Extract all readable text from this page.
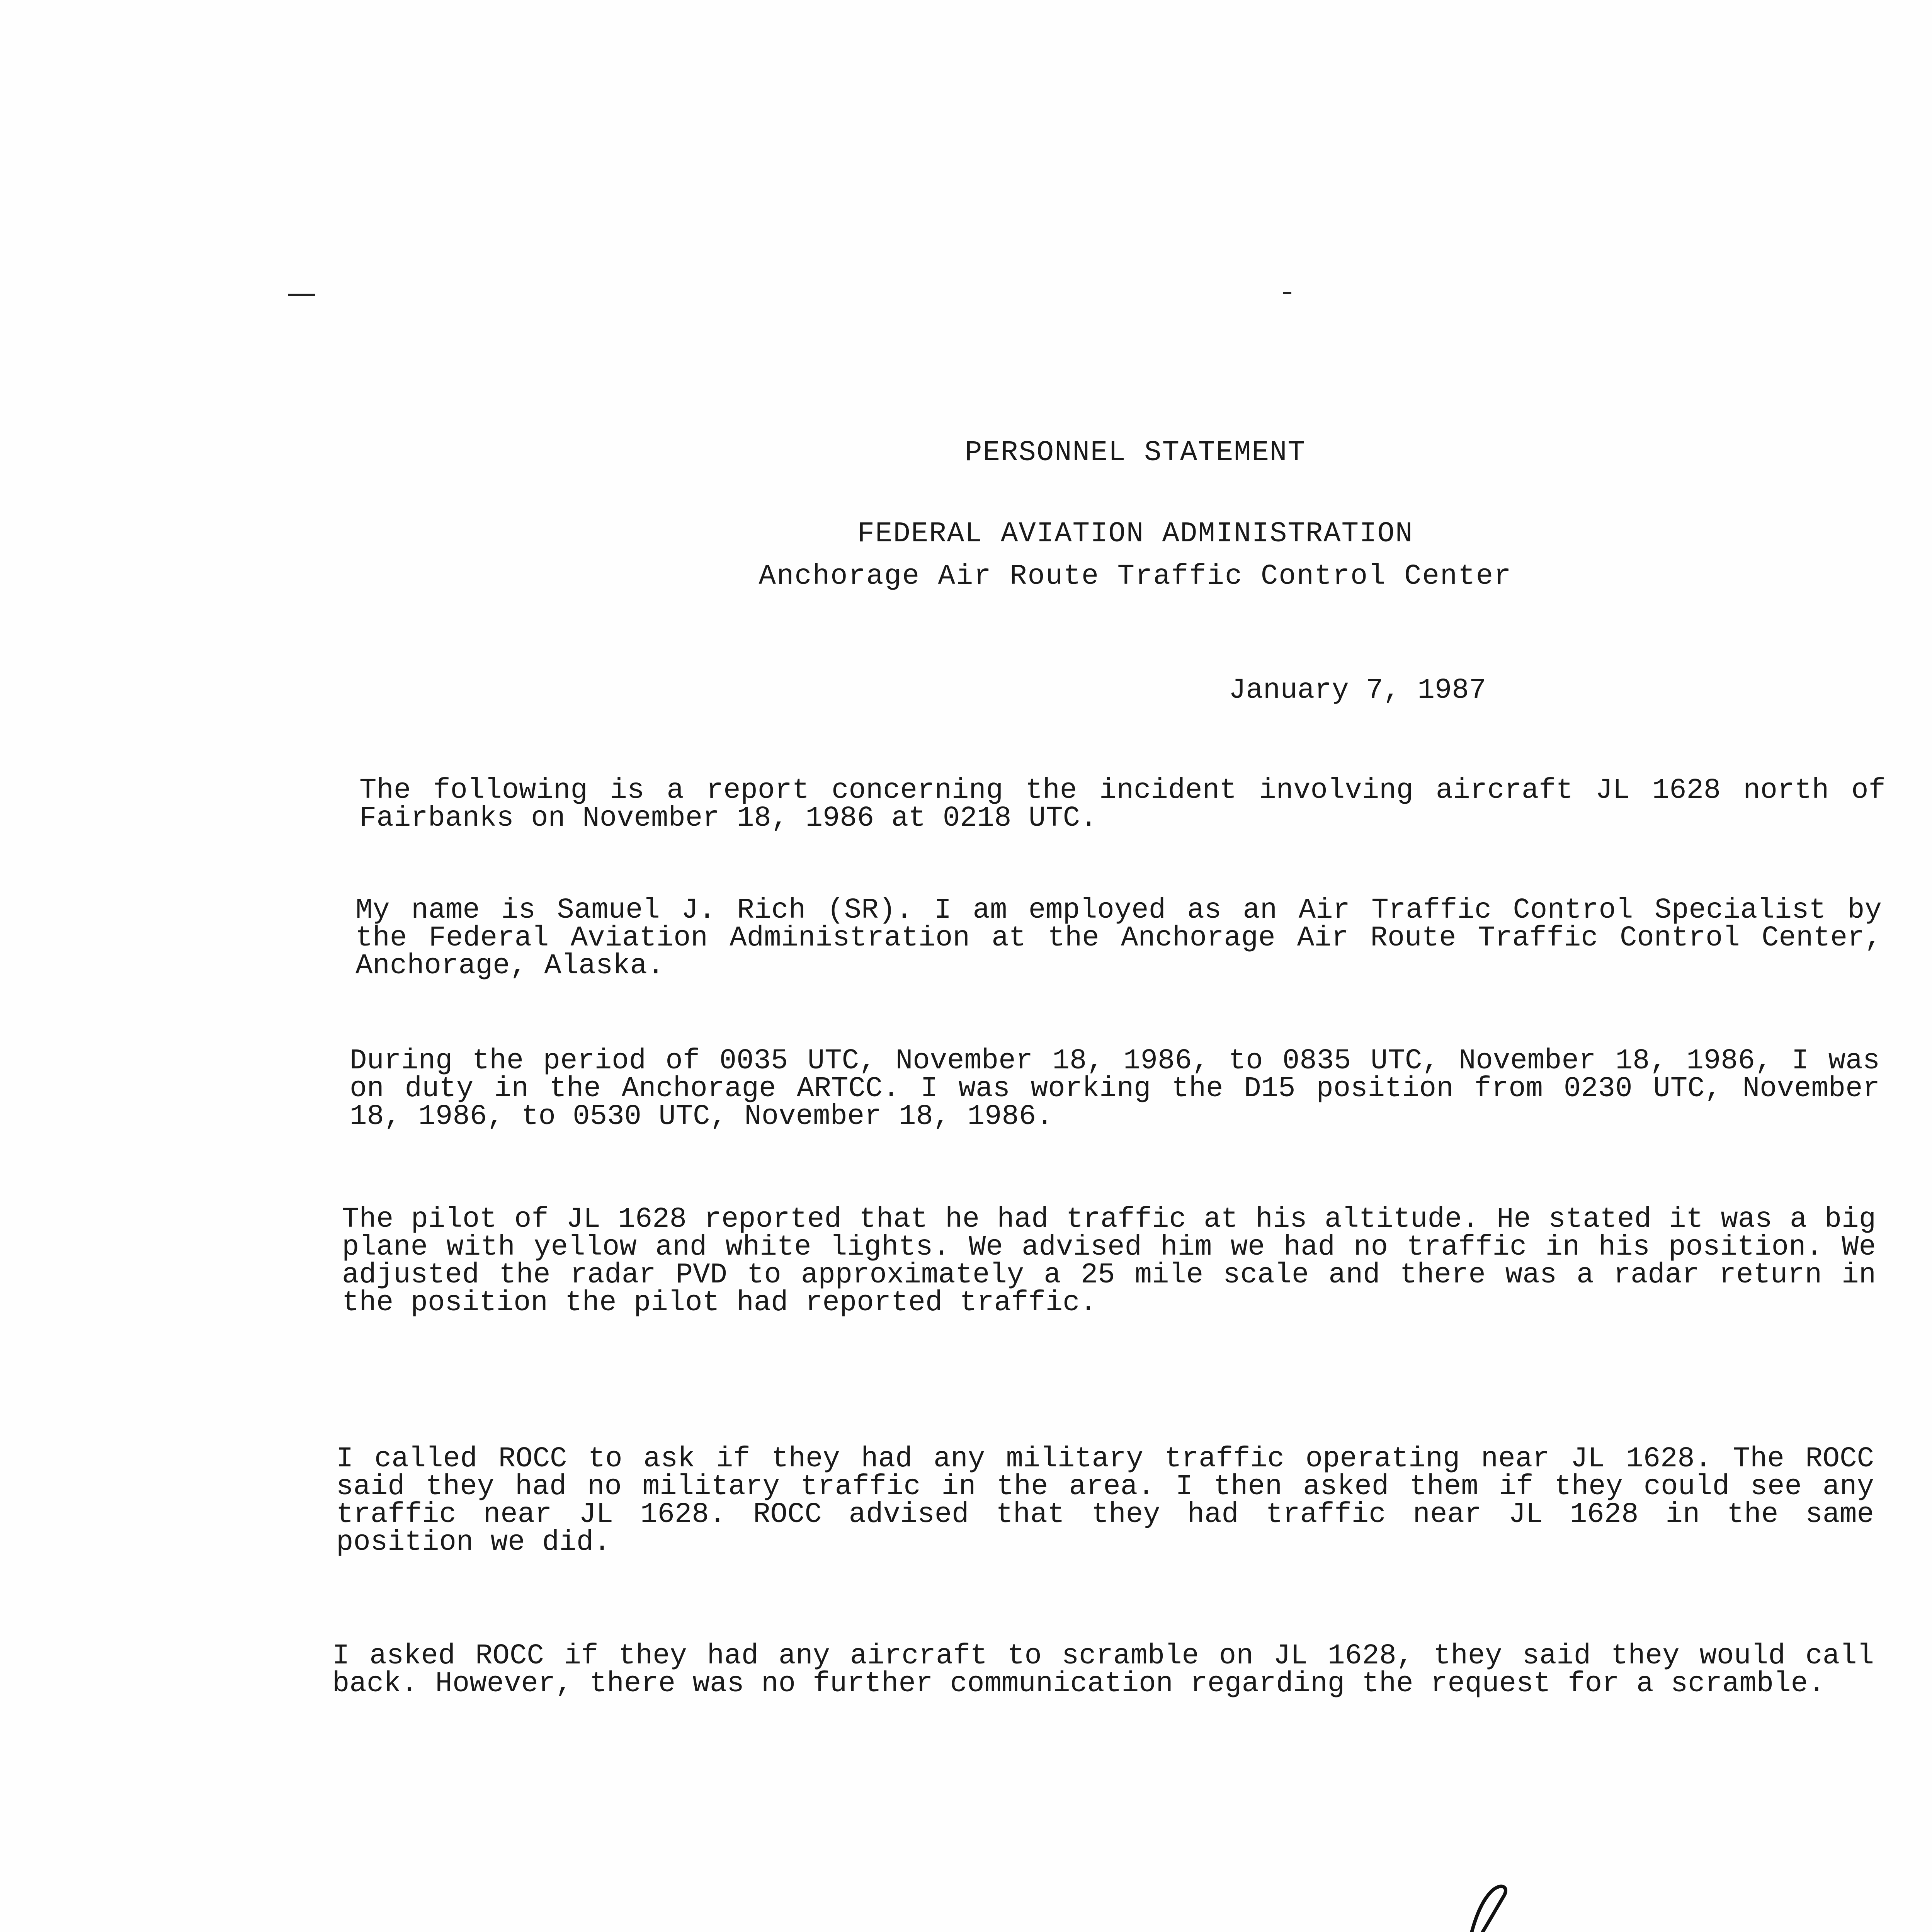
PERSONNEL STATEMENT
FEDERAL AVIATION ADMINISTRATION
Anchorage Air Route Traffic Control Center
January 7, 1987

The following is a report concerning the incident involving aircraft JL 1628 north of Fairbanks on November 18, 1986 at 0218 UTC.

My name is Samuel J. Rich (SR). I am employed as an Air Traffic Control Specialist by the Federal Aviation Administration at the Anchorage Air Route Traffic Control Center, Anchorage, Alaska.

During the period of 0035 UTC, November 18, 1986, to 0835 UTC, November 18, 1986, I was on duty in the Anchorage ARTCC. I was working the D15 position from 0230 UTC, November 18, 1986, to 0530 UTC, November 18, 1986.

The pilot of JL 1628 reported that he had traffic at his altitude. He stated it was a big plane with yellow and white lights. We advised him we had no traffic in his position. We adjusted the radar PVD to approximately a 25 mile scale and there was a radar return in the position the pilot had reported traffic.

I called ROCC to ask if they had any military traffic operating near JL 1628. The ROCC said they had no military traffic in the area. I then asked them if they could see any traffic near JL 1628. ROCC advised that they had traffic near JL 1628 in the same position we did.

I asked ROCC if they had any aircraft to scramble on JL 1628, they said they would call back. However, there was no further communication regarding the request for a scramble.
